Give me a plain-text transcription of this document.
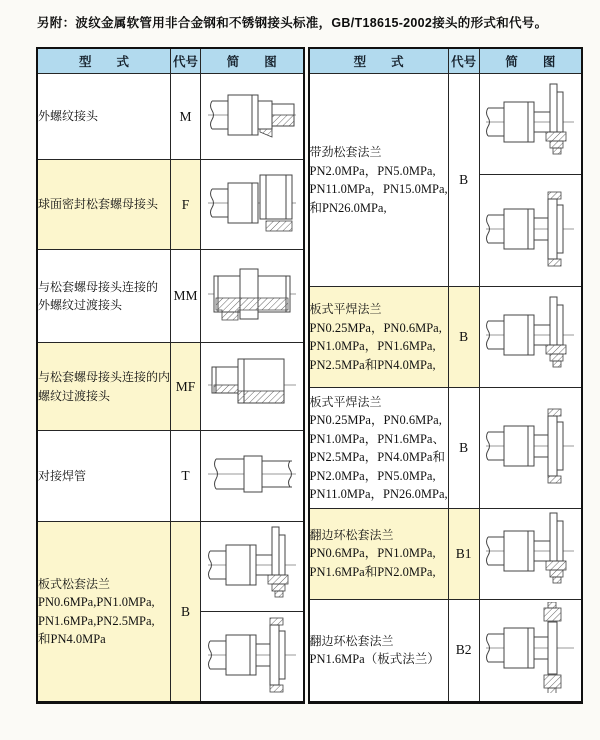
另附：波纹金属软管用非合金钢和不锈钢接头标准，GB/T18615-2002接头的形式和代号。
型　　式	代号	简　　图

外螺纹接头	M	

球面密封松套螺母接头	F	

与松套螺母接头连接的
外螺纹过渡接头	MM	

与松套螺母接头连接的内
螺纹过渡接头	MF	

对接焊管	T	

板式松套法兰
PN0.6MPa,PN1.0MPa,
PN1.6MPa,PN2.5MPa,
和PN4.0MPa	B	

型　　式	代号	简　　图

带劲松套法兰
PN2.0MPa，PN5.0MPa,
PN11.0MPa，PN15.0MPa,
和PN26.0MPa,	B	

板式平焊法兰
PN0.25MPa，PN0.6MPa,
PN1.0MPa，PN1.6MPa,
PN2.5MPa和PN4.0MPa,	B	

板式平焊法兰
PN0.25MPa，PN0.6MPa,
PN1.0MPa，PN1.6MPa、
PN2.5MPa，PN4.0MPa和
PN2.0MPa，PN5.0MPa,
PN11.0MPa，PN26.0MPa,
	B	

翻边环松套法兰
PN0.6MPa，PN1.0MPa,
PN1.6MPa和PN2.0MPa,	B1	

翻边环松套法兰
PN1.6MPa（板式法兰）	B2	
